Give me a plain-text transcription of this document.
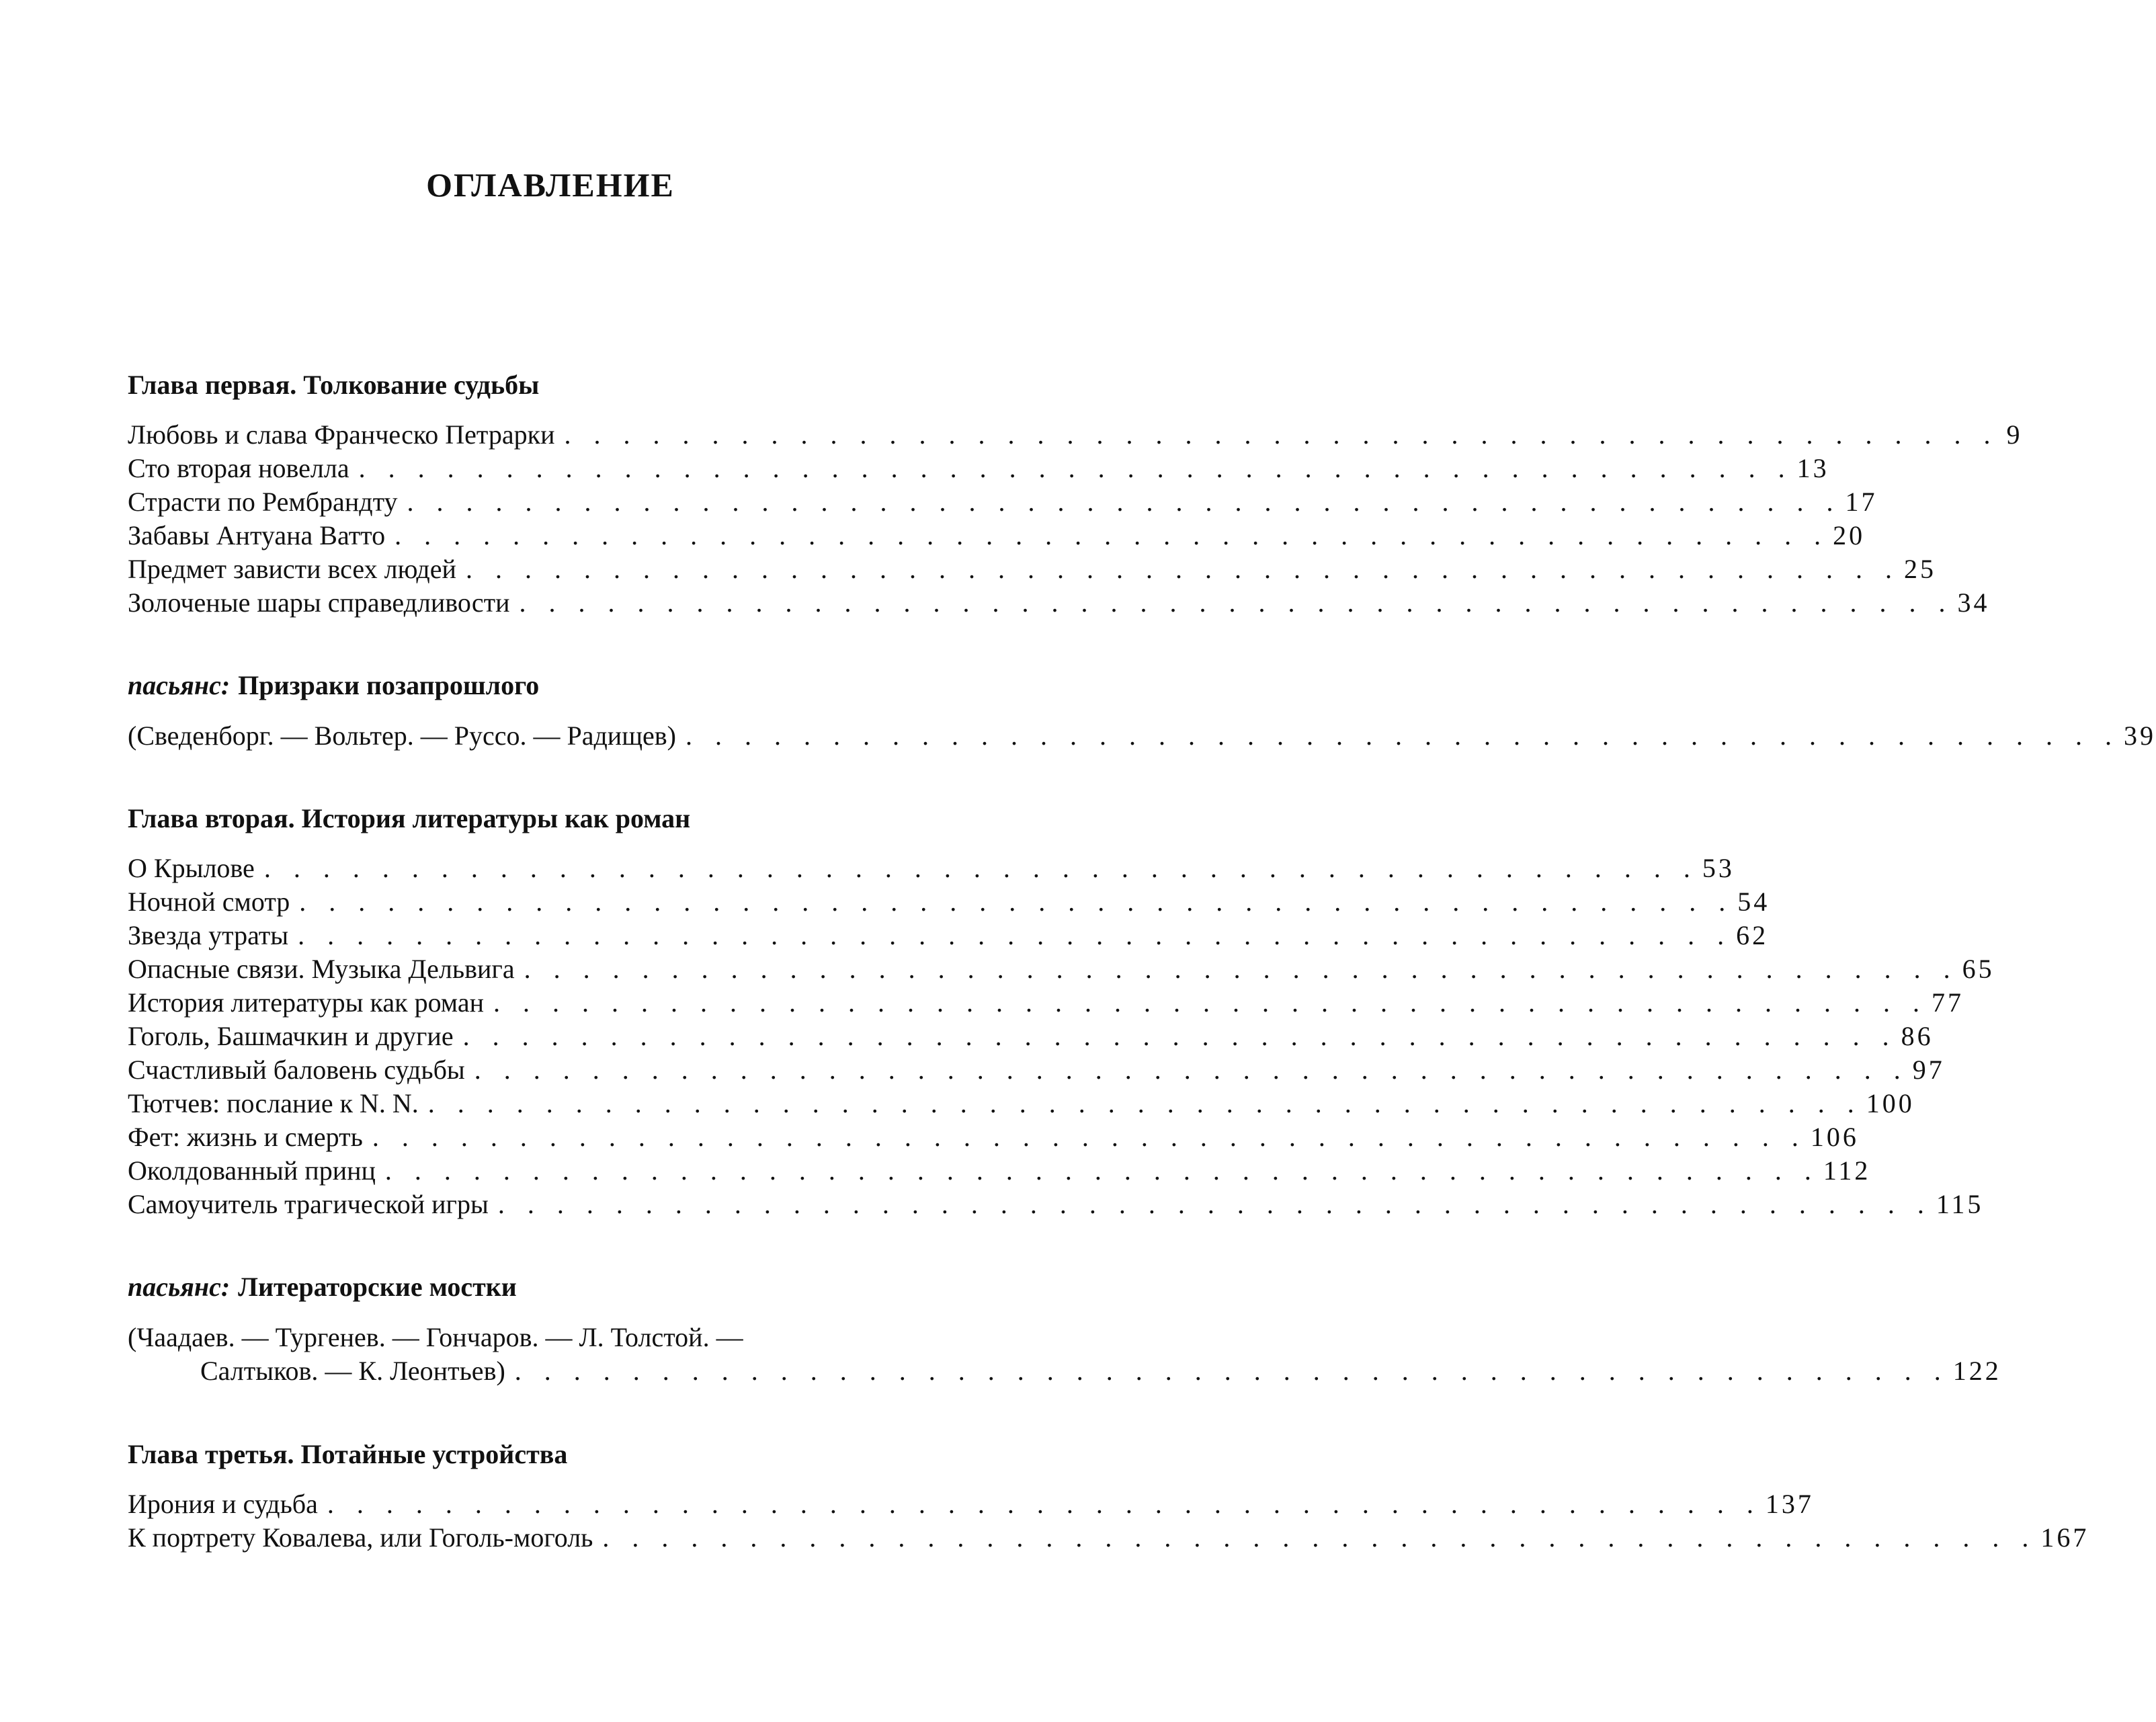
ОГЛАВЛЕНИЕ
Глава первая. Толкование судьбы
Любовь и слава Франческо Петрарки . . . . . . . . . . . . . . . . . . . . . . . . . . . . . . . . . . . . . . . . . . . . . . . . . 9
Сто вторая новелла . . . . . . . . . . . . . . . . . . . . . . . . . . . . . . . . . . . . . . . . . . . . . . . . . 13
Страсти по Рембрандту . . . . . . . . . . . . . . . . . . . . . . . . . . . . . . . . . . . . . . . . . . . . . . . . . 17
Забавы Антуана Ватто . . . . . . . . . . . . . . . . . . . . . . . . . . . . . . . . . . . . . . . . . . . . . . . . . 20
Предмет зависти всех людей . . . . . . . . . . . . . . . . . . . . . . . . . . . . . . . . . . . . . . . . . . . . . . . . . 25
Золоченые шары справедливости . . . . . . . . . . . . . . . . . . . . . . . . . . . . . . . . . . . . . . . . . . . . . . . . . 34
пасьянс: Призраки позапрошлого
(Сведенборг. — Вольтер. — Руссо. — Радищев) . . . . . . . . . . . . . . . . . . . . . . . . . . . . . . . . . . . . . . . . . . . . . . . . . 39
Глава вторая. История литературы как роман
О Крылове . . . . . . . . . . . . . . . . . . . . . . . . . . . . . . . . . . . . . . . . . . . . . . . . . 53
Ночной смотр . . . . . . . . . . . . . . . . . . . . . . . . . . . . . . . . . . . . . . . . . . . . . . . . . 54
Звезда утраты . . . . . . . . . . . . . . . . . . . . . . . . . . . . . . . . . . . . . . . . . . . . . . . . . 62
Опасные связи. Музыка Дельвига . . . . . . . . . . . . . . . . . . . . . . . . . . . . . . . . . . . . . . . . . . . . . . . . . 65
История литературы как роман . . . . . . . . . . . . . . . . . . . . . . . . . . . . . . . . . . . . . . . . . . . . . . . . . 77
Гоголь, Башмачкин и другие . . . . . . . . . . . . . . . . . . . . . . . . . . . . . . . . . . . . . . . . . . . . . . . . . 86
Счастливый баловень судьбы . . . . . . . . . . . . . . . . . . . . . . . . . . . . . . . . . . . . . . . . . . . . . . . . . 97
Тютчев: послание к N. N. . . . . . . . . . . . . . . . . . . . . . . . . . . . . . . . . . . . . . . . . . . . . . . . . . 100
Фет: жизнь и смерть . . . . . . . . . . . . . . . . . . . . . . . . . . . . . . . . . . . . . . . . . . . . . . . . . 106
Околдованный принц . . . . . . . . . . . . . . . . . . . . . . . . . . . . . . . . . . . . . . . . . . . . . . . . . 112
Самоучитель трагической игры . . . . . . . . . . . . . . . . . . . . . . . . . . . . . . . . . . . . . . . . . . . . . . . . . 115
пасьянс: Литераторские мостки
(Чаадаев. — Тургенев. — Гончаров. — Л. Толстой. —
Салтыков. — К. Леонтьев) . . . . . . . . . . . . . . . . . . . . . . . . . . . . . . . . . . . . . . . . . . . . . . . . . 122
Глава третья. Потайные устройства
Ирония и судьба . . . . . . . . . . . . . . . . . . . . . . . . . . . . . . . . . . . . . . . . . . . . . . . . . 137
К портрету Ковалева, или Гоголь-моголь . . . . . . . . . . . . . . . . . . . . . . . . . . . . . . . . . . . . . . . . . . . . . . . . . 167
